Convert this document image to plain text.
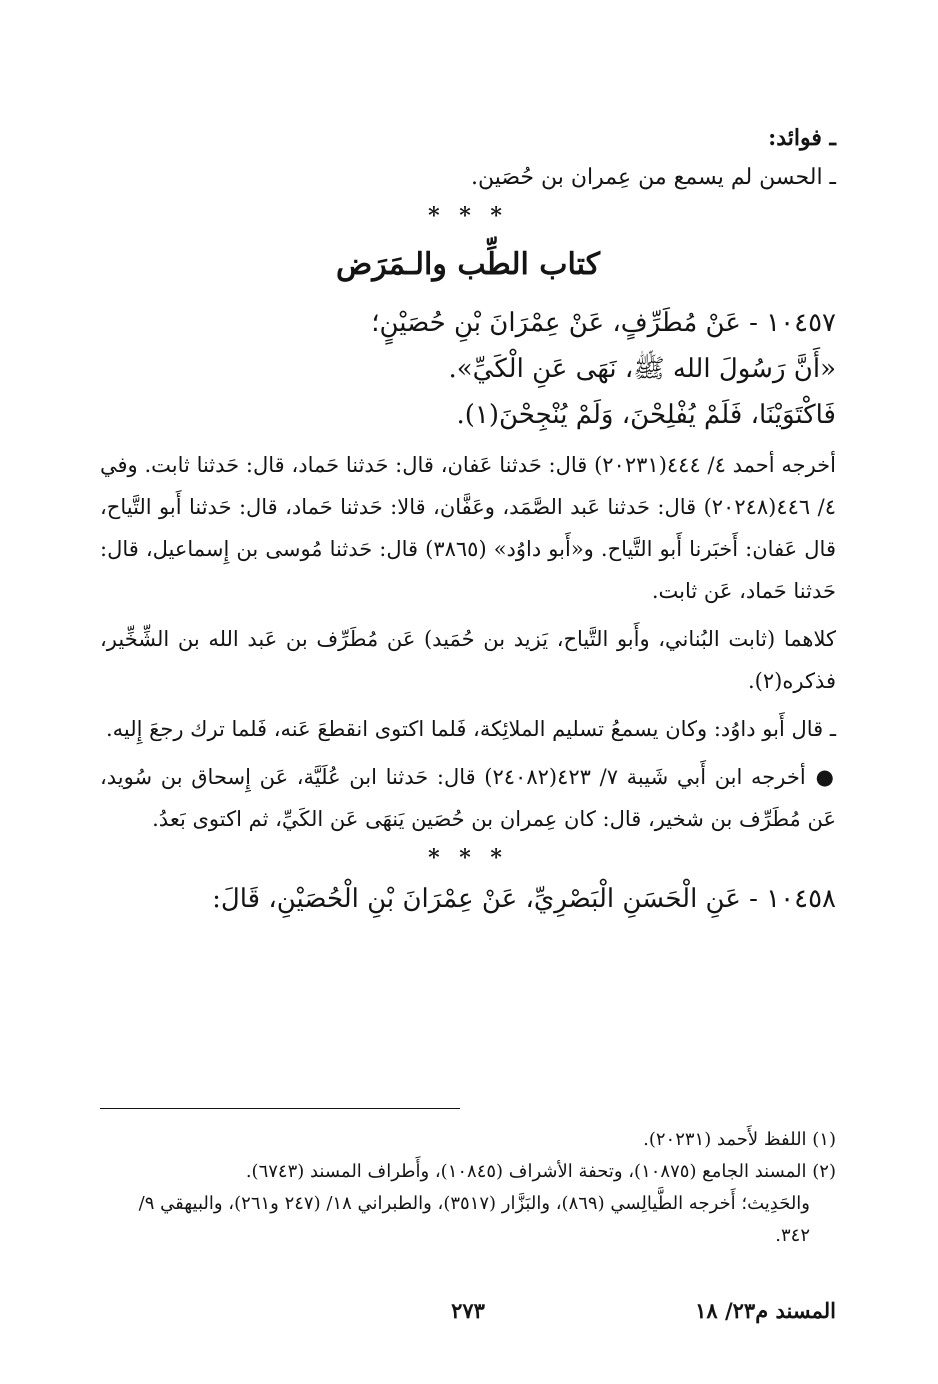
ـ فوائد:
ـ الحسن لم يسمع من عِمران بن حُصَين.
* * *
كتاب الطِّب والـمَرَض
١٠٤٥٧ - عَنْ مُطَرِّفٍ، عَنْ عِمْرَانَ بْنِ حُصَيْنٍ؛
«أَنَّ رَسُولَ الله ﷺ، نَهَى عَنِ الْكَيِّ».
فَاكْتَوَيْنَا، فَلَمْ يُفْلِحْنَ، وَلَمْ يُنْجِحْنَ(١).

أخرجه أحمد ٤/ ٤٤٤(٢٠٢٣١) قال: حَدثنا عَفان، قال: حَدثنا حَماد، قال: حَدثنا ثابت. وفي ٤/ ٤٤٦(٢٠٢٤٨) قال: حَدثنا عَبد الصَّمَد، وعَفَّان، قالا: حَدثنا حَماد، قال: حَدثنا أَبو التَّياح، قال عَفان: أَخبَرنا أَبو التَّياح. و«أَبو داوُد» (٣٨٦٥) قال: حَدثنا مُوسى بن إِسماعيل، قال: حَدثنا حَماد، عَن ثابت.

كلاهما (ثابت البُناني، وأَبو التَّياح، يَزيد بن حُمَيد) عَن مُطَرِّف بن عَبد الله بن الشِّخِّير، فذكره(٢).

ـ قال أَبو داوُد: وكان يسمعُ تسليم الملائِكة، فَلما اكتوى انقطعَ عَنه، فَلما ترك رجعَ إِليه.

●أخرجه ابن أَبي شَيبة ٧/ ٤٢٣(٢٤٠٨٢) قال: حَدثنا ابن عُلَيَّة، عَن إِسحاق بن سُويد، عَن مُطَرِّف بن شخير، قال: كان عِمران بن حُصَين يَنهَى عَن الكَيِّ، ثم اكتوى بَعدُ.

* * *
١٠٤٥٨ - عَنِ الْحَسَنِ الْبَصْرِيِّ، عَنْ عِمْرَانَ بْنِ الْحُصَيْنِ، قَالَ:
(١) اللفظ لأَحمد (٢٠٢٣١).
(٢) المسند الجامع (١٠٨٧٥)، وتحفة الأشراف (١٠٨٤٥)، وأَطراف المسند (٦٧٤٣).
والحَدِيث؛ أَخرجه الطَّيالِسي (٨٦٩)، والبَزَّار (٣٥١٧)، والطبراني ١٨/ (٢٤٧ و٢٦١)، والبيهقي ٩/ ٣٤٢.
المسند م٢٣/ ١٨
٢٧٣
